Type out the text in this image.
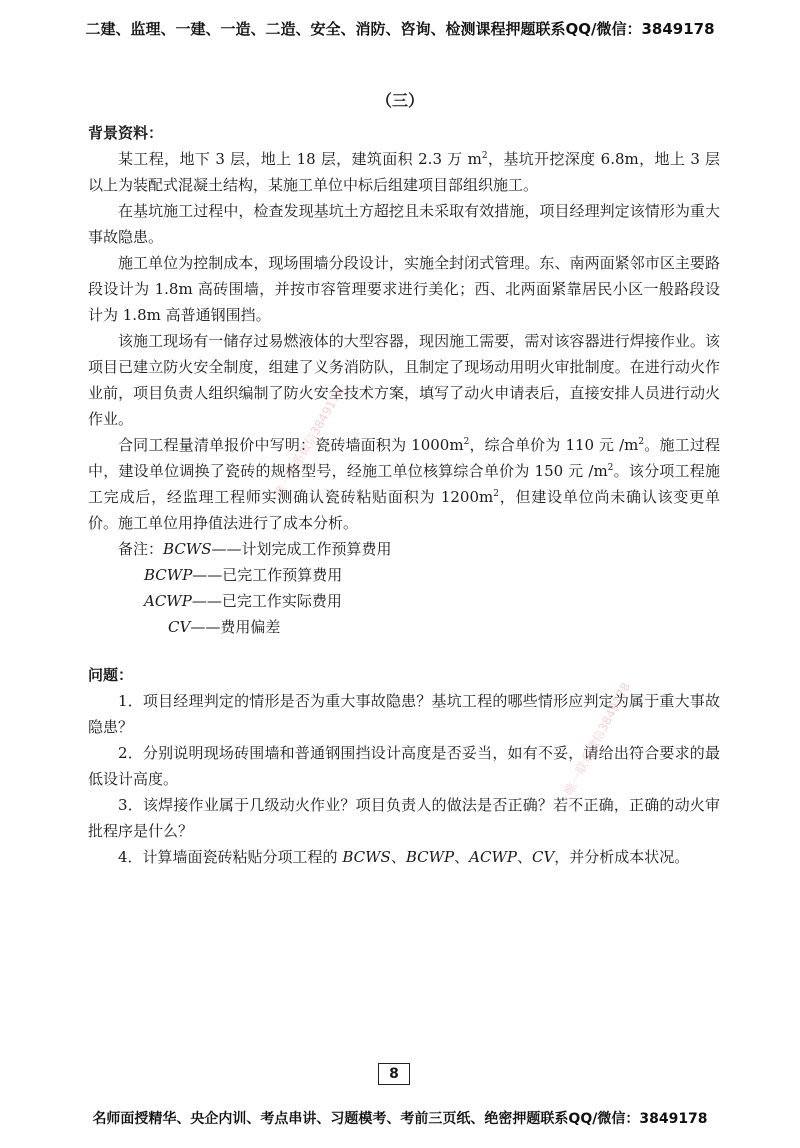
二建、监理、一建、一造、二造、安全、消防、咨询、检测课程押题联系QQ/微信：3849178
（三）

背景资料：

某工程，地下 3 层，地上 18 层，建筑面积 2.3 万 $m^2$，基坑开挖深度 6.8m，地上 3 层以上为装配式混凝土结构，某施工单位中标后组建项目部组织施工。

在基坑施工过程中，检查发现基坑土方超挖且未采取有效措施，项目经理判定该情形为重大事故隐患。

施工单位为控制成本，现场围墙分段设计，实施全封闭式管理。东、南两面紧邻市区主要路段设计为 1.8m 高砖围墙，并按市容管理要求进行美化；西、北两面紧靠居民小区一般路段设计为 1.8m 高普通钢围挡。

该施工现场有一储存过易燃液体的大型容器，现因施工需要，需对该容器进行焊接作业。该项目已建立防火安全制度，组建了义务消防队，且制定了现场动用明火审批制度。在进行动火作业前，项目负责人组织编制了防火安全技术方案，填写了动火申请表后，直接安排人员进行动火作业。

合同工程量清单报价中写明：瓷砖墙面积为 $1000m^2$，综合单价为 110 元 $/m^2$。施工过程中，建设单位调换了瓷砖的规格型号，经施工单位核算综合单价为 150 元 $/m^2$。该分项工程施工完成后，经监理工程师实测确认瓷砖粘贴面积为 $1200m^2$，但建设单位尚未确认该变更单价。施工单位用挣值法进行了成本分析。

备注：BCWS——计划完成工作预算费用

BCWP——已完工作预算费用

ACWP——已完工作实际费用

CV——费用偏差

问题：

1．项目经理判定的情形是否为重大事故隐患？基坑工程的哪些情形应判定为属于重大事故隐患？

2．分别说明现场砖围墙和普通钢围挡设计高度是否妥当，如有不妥，请给出符合要求的最低设计高度。

3．该焊接作业属于几级动火作业？项目负责人的做法是否正确？若不正确，正确的动火审批程序是什么？

4．计算墙面瓷砖粘贴分项工程的 BCWS、BCWP、ACWP、CV，并分析成本状况。

唯一联系微信3849178
唯一联系微信3849178
8
名师面授精华、央企内训、考点串讲、习题模考、考前三页纸、绝密押题联系QQ/微信：3849178
